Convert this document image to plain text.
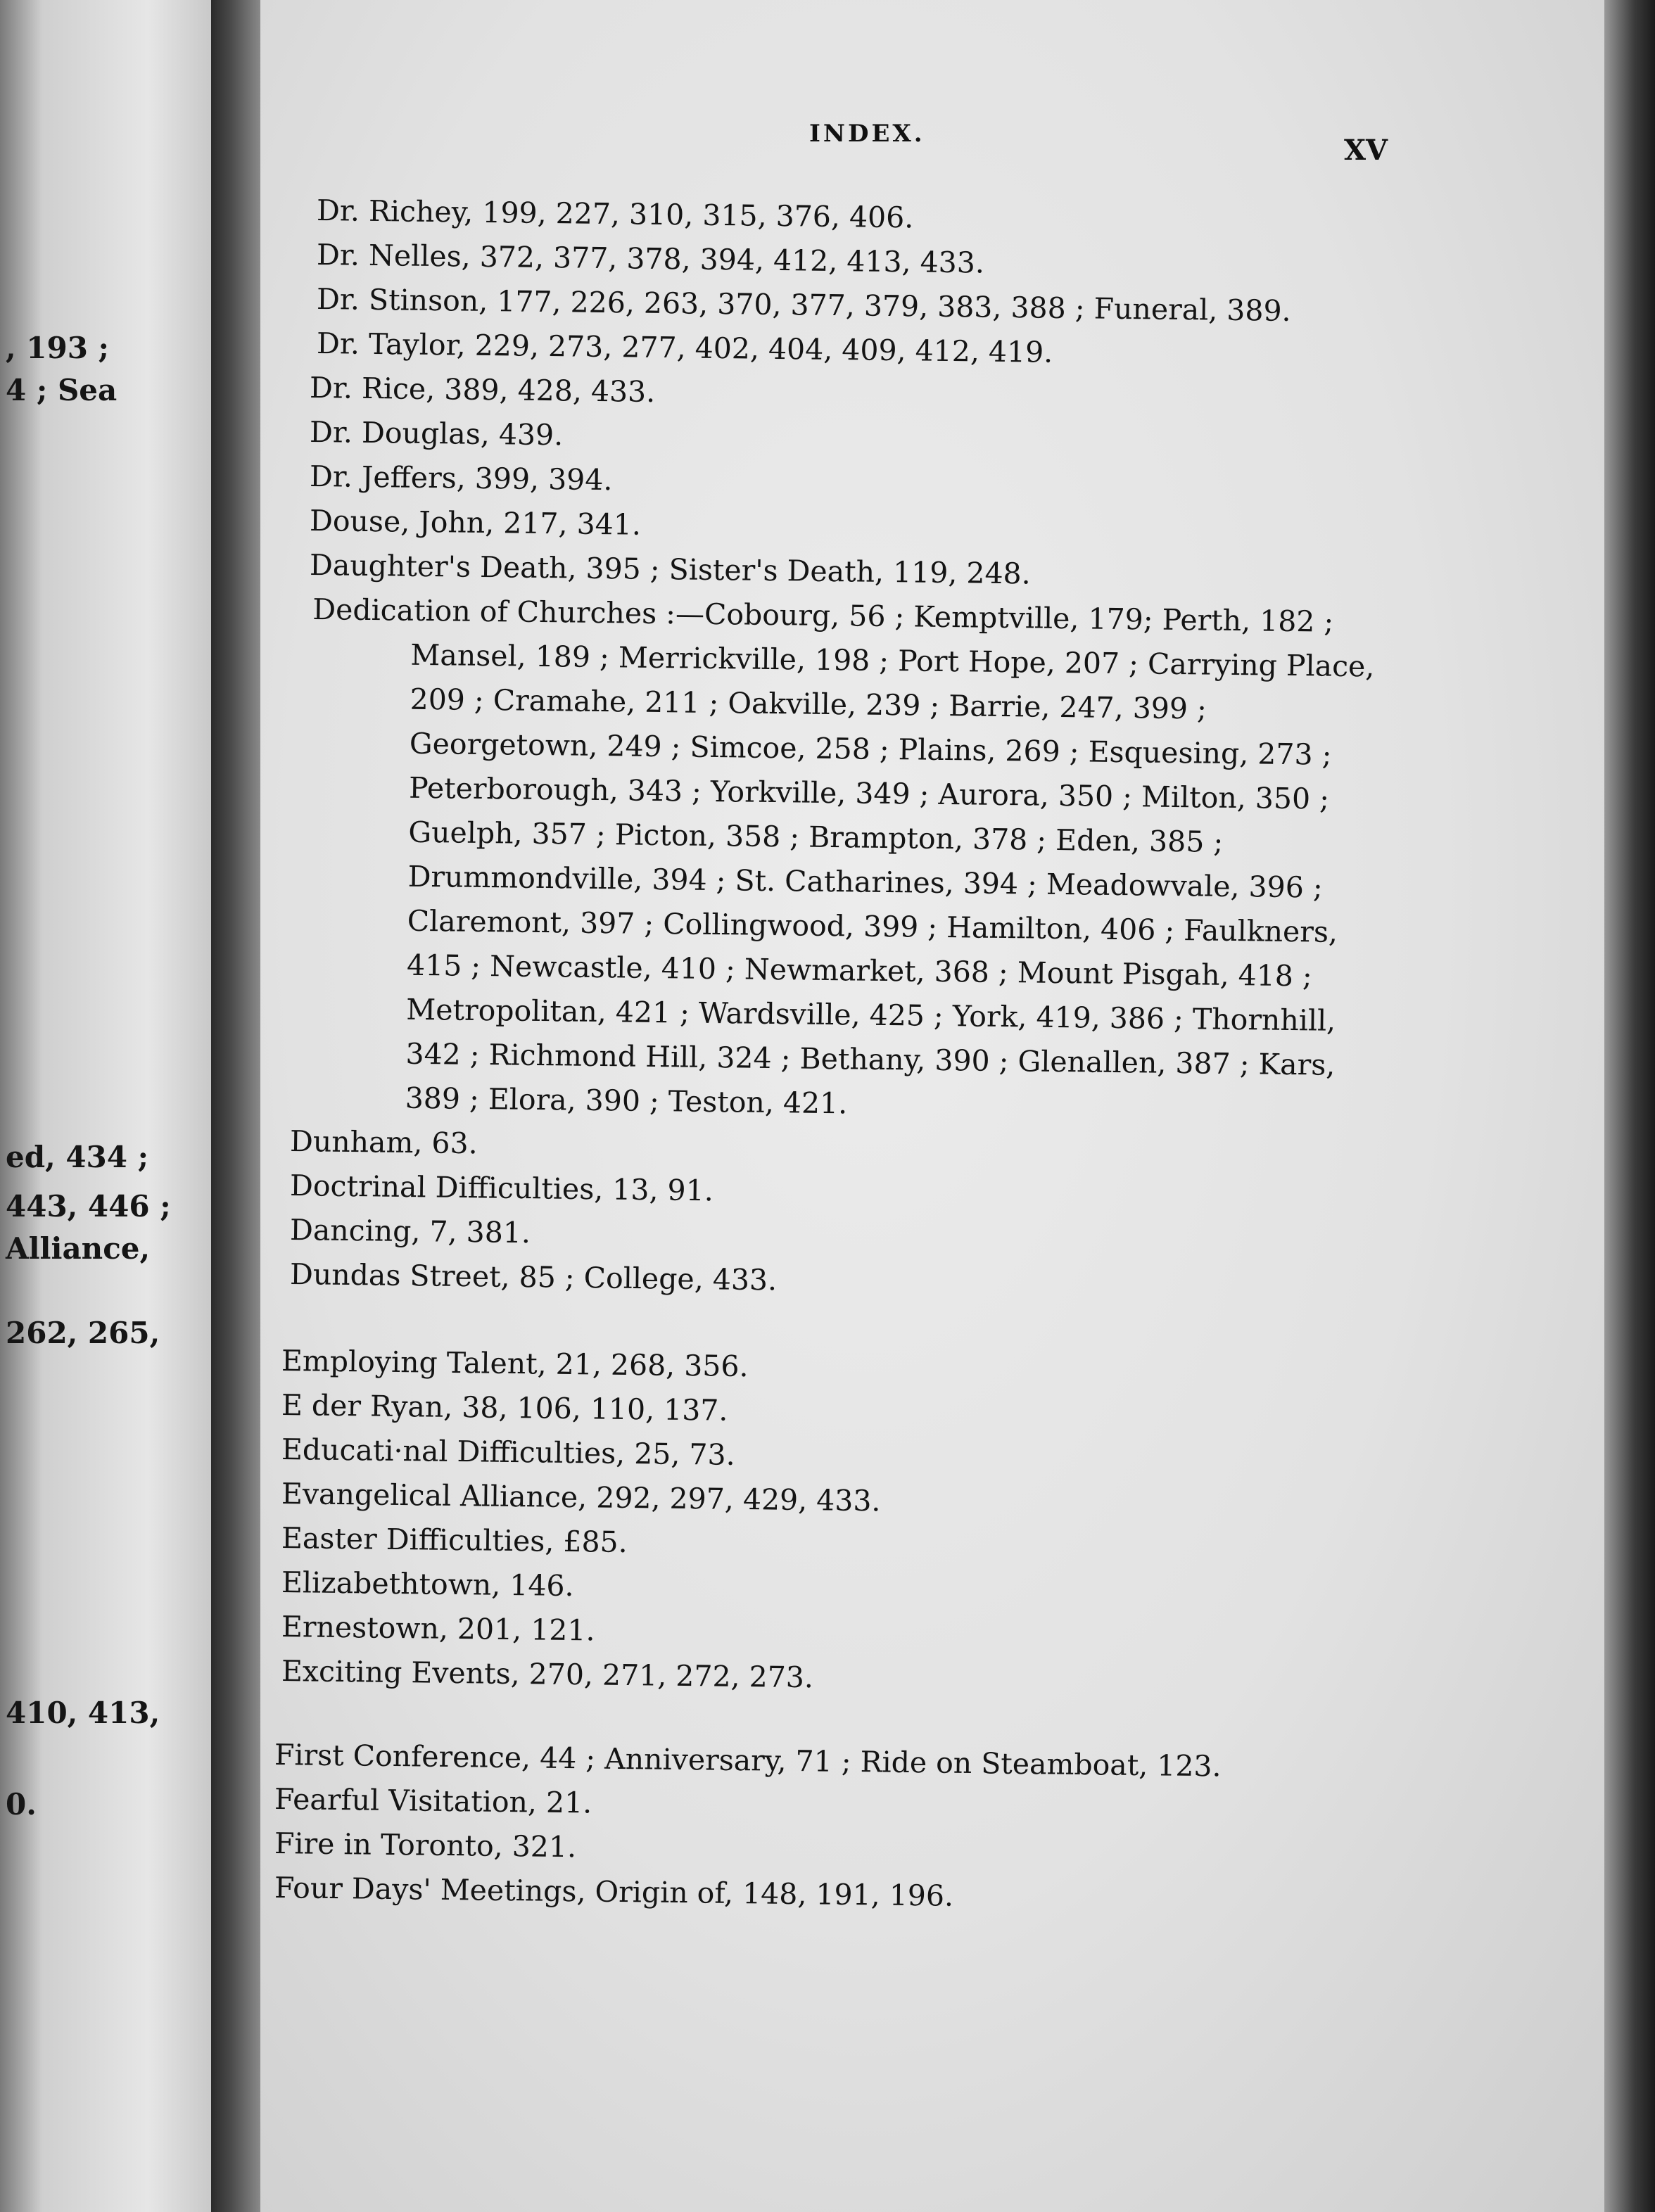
, 193 ;
4 ; Sea
ed, 434 ;
443, 446 ;
Alliancе,
262, 265,
410, 413,
0.
INDEX.	XV

Dr. Richey, 199, 227, 310, 315, 376, 406.

Dr. Nelles, 372, 377, 378, 394, 412, 413, 433.

Dr. Stinson, 177, 226, 263, 370, 377, 379, 383, 388 ; Funeral, 389.

Dr. Taylor, 229, 273, 277, 402, 404, 409, 412, 419.

Dr. Rice, 389, 428, 433.

Dr. Douglas, 439.

Dr. Jeffers, 399, 394.

Douse, John, 217, 341.

Daughter's Death, 395 ; Sister's Death, 119, 248.

Dedication of Churches :—Cobourg, 56 ; Kemptville, 179; Perth, 182 ; Mansel, 189 ; Merrickville, 198 ; Port Hope, 207 ; Carrying Place, 209 ; Cramahe, 211 ; Oakville, 239 ; Barrie, 247, 399 ; Georgetown, 249 ; Simcoe, 258 ; Plains, 269 ; Esquesing, 273 ; Peterborough, 343 ; Yorkville, 349 ; Aurora, 350 ; Milton, 350 ; Guelph, 357 ; Picton, 358 ; Brampton, 378 ; Eden, 385 ; Drummondville, 394 ; St. Catharines, 394 ; Meadowvale, 396 ; Claremont, 397 ; Collingwood, 399 ; Hamilton, 406 ; Faulkners, 415 ; Newcastle, 410 ; Newmarket, 368 ; Mount Pisgah, 418 ; Metropolitan, 421 ; Wardsville, 425 ; York, 419, 386 ; Thornhill, 342 ; Richmond Hill, 324 ; Bethany, 390 ; Glenallen, 387 ; Kars, 389 ; Elora, 390 ; Teston, 421.

Dunham, 63.

Doctrinal Difficulties, 13, 91.

Dancing, 7, 381.

Dundas Street, 85 ; College, 433.

Employing Talent, 21, 268, 356.

E der Ryan, 38, 106, 110, 137.

Educati·nal Difficulties, 25, 73.

Evangelical Alliance, 292, 297, 429, 433.

Easter Difficulties, £85.

Elizabethtown, 146.

Ernestown, 201, 121.

Exciting Events, 270, 271, 272, 273.

First Conference, 44 ; Anniversary, 71 ; Ride on Steamboat, 123.

Fearful Visitation, 21.

Fire in Toronto, 321.

Four Days' Meetings, Origin of, 148, 191, 196.
